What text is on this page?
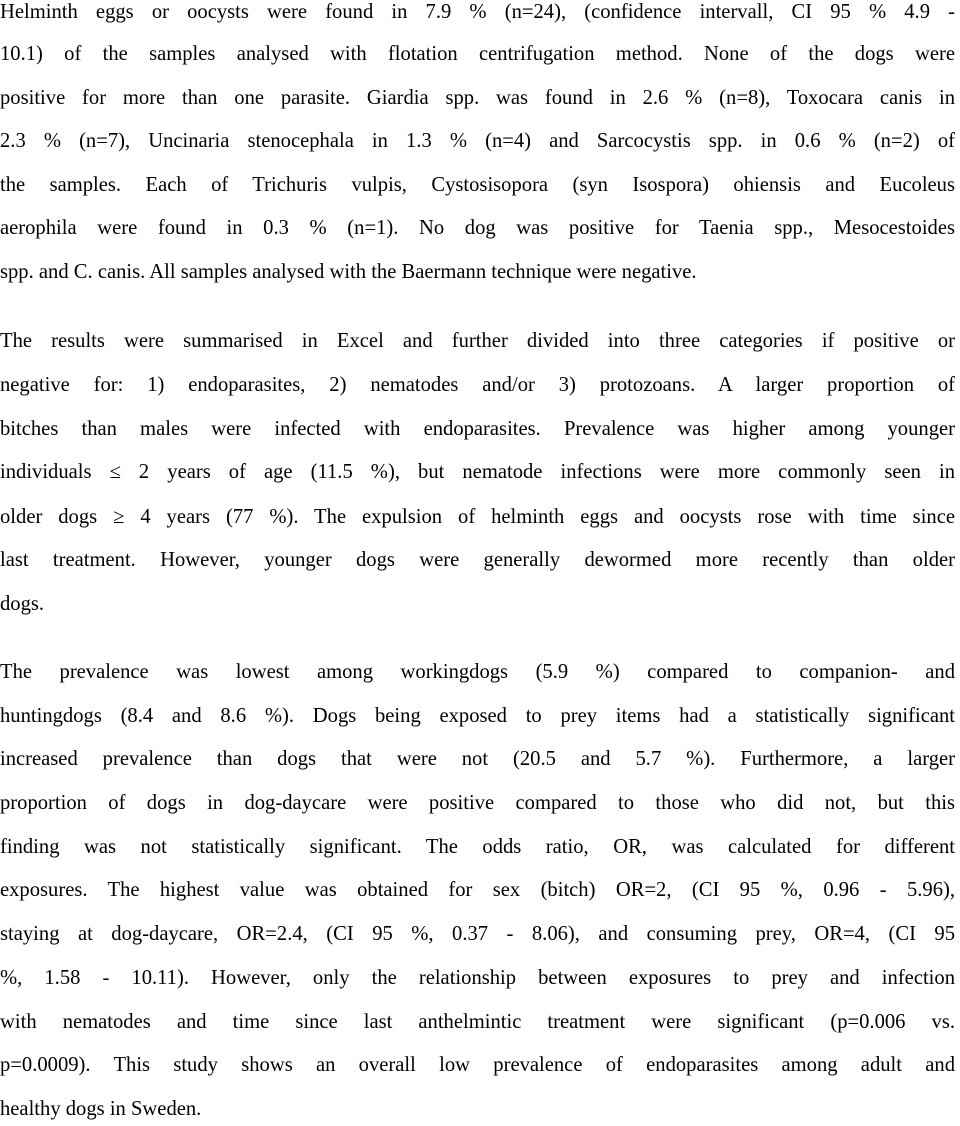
Helminth eggs or oocysts were found in 7.9 % (n=24), (confidence intervall, CI 95 % 4.9 -
10.1) of the samples analysed with flotation centrifugation method. None of the dogs were
positive for more than one parasite. Giardia spp. was found in 2.6 % (n=8), Toxocara canis in
2.3 % (n=7), Uncinaria stenocephala in 1.3 % (n=4) and Sarcocystis spp. in 0.6 % (n=2) of
the samples. Each of Trichuris vulpis, Cystosisopora (syn Isospora) ohiensis and Eucoleus
aerophila were found in 0.3 % (n=1). No dog was positive for Taenia spp., Mesocestoides
spp. and C. canis. All samples analysed with the Baermann technique were negative.
The results were summarised in Excel and further divided into three categories if positive or
negative for: 1) endoparasites, 2) nematodes and/or 3) protozoans. A larger proportion of
bitches than males were infected with endoparasites. Prevalence was higher among younger
individuals ≤ 2 years of age (11.5 %), but nematode infections were more commonly seen in
older dogs ≥ 4 years (77 %). The expulsion of helminth eggs and oocysts rose with time since
last treatment. However, younger dogs were generally dewormed more recently than older
dogs.
The prevalence was lowest among workingdogs (5.9 %) compared to companion- and
huntingdogs (8.4 and 8.6 %). Dogs being exposed to prey items had a statistically significant
increased prevalence than dogs that were not (20.5 and 5.7 %). Furthermore, a larger
proportion of dogs in dog-daycare were positive compared to those who did not, but this
finding was not statistically significant. The odds ratio, OR, was calculated for different
exposures. The highest value was obtained for sex (bitch) OR=2, (CI 95 %, 0.96 - 5.96),
staying at dog-daycare, OR=2.4, (CI 95 %, 0.37 - 8.06), and consuming prey, OR=4, (CI 95
%, 1.58 - 10.11). However, only the relationship between exposures to prey and infection
with nematodes and time since last anthelmintic treatment were significant (p=0.006 vs.
p=0.0009). This study shows an overall low prevalence of endoparasites among adult and
healthy dogs in Sweden.
